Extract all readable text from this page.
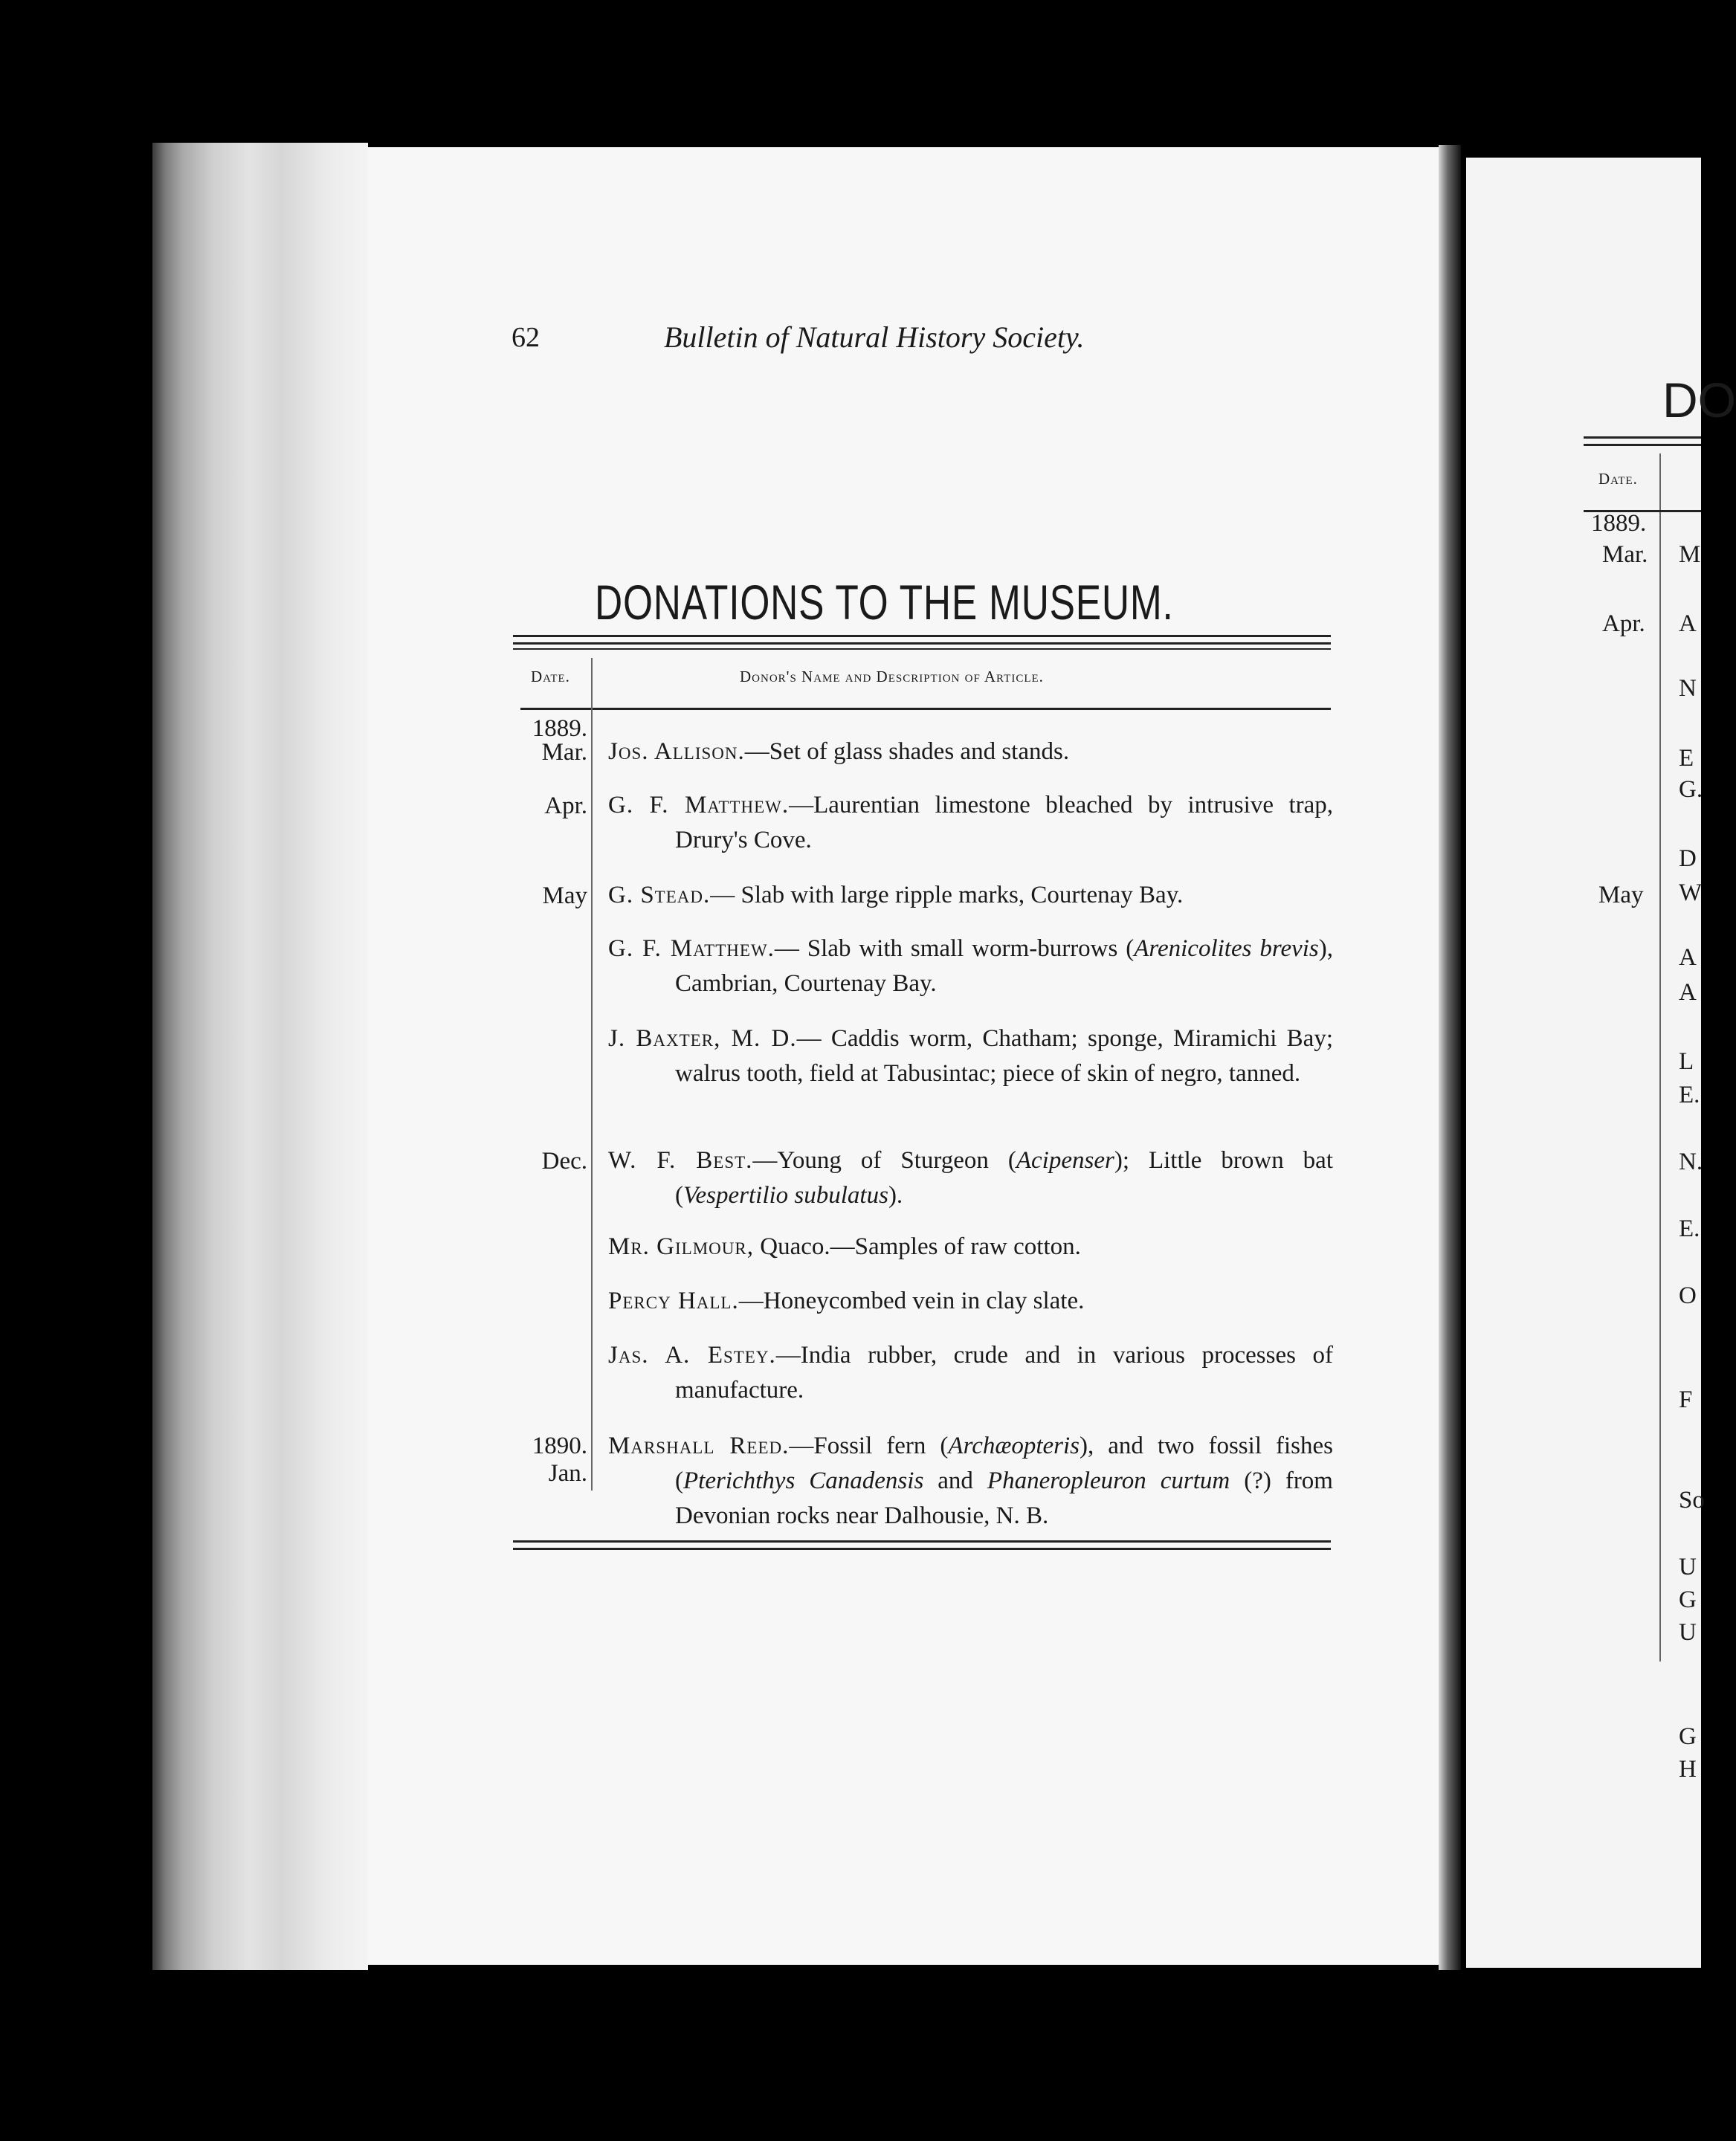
62	Bulletin of Natural History Society.
DONATIONS TO THE MUSEUM.
Date.	Donor's Name and Description of Article.
1889.
Mar.
Apr.
May
Dec.
1890.
Jan.
Jos. Allison.—Set of glass shades and stands.
G. F. Matthew.—Laurentian limestone bleached by intrusive trap, Drury's Cove.
G. Stead.— Slab with large ripple marks, Courtenay Bay.
G. F. Matthew.— Slab with small worm-burrows (Arenicolites brevis), Cambrian, Courtenay Bay.
J. Baxter, M. D.— Caddis worm, Chatham; sponge, Miramichi Bay; walrus tooth, field at Tabusintac; piece of skin of negro, tanned.
W. F. Best.—Young of Sturgeon (Acipenser); Little brown bat (Vespertilio subulatus).
Mr. Gilmour, Quaco.—Samples of raw cotton.
Percy Hall.—Honeycombed vein in clay slate.
Jas. A. Estey.—India rubber, crude and in various processes of manufacture.
Marshall Reed.—Fossil fern (Archæopteris), and two fossil fishes (Pterichthys Canadensis and Phaneropleuron curtum (?) from Devonian rocks near Dalhousie, N. B.
DO
Date.
1889.
Mar.
Apr.
May
M
A
N
E
G.
D
W
A
A
L
E.
N.
E.
O
F
So
U
G
U
G
H
